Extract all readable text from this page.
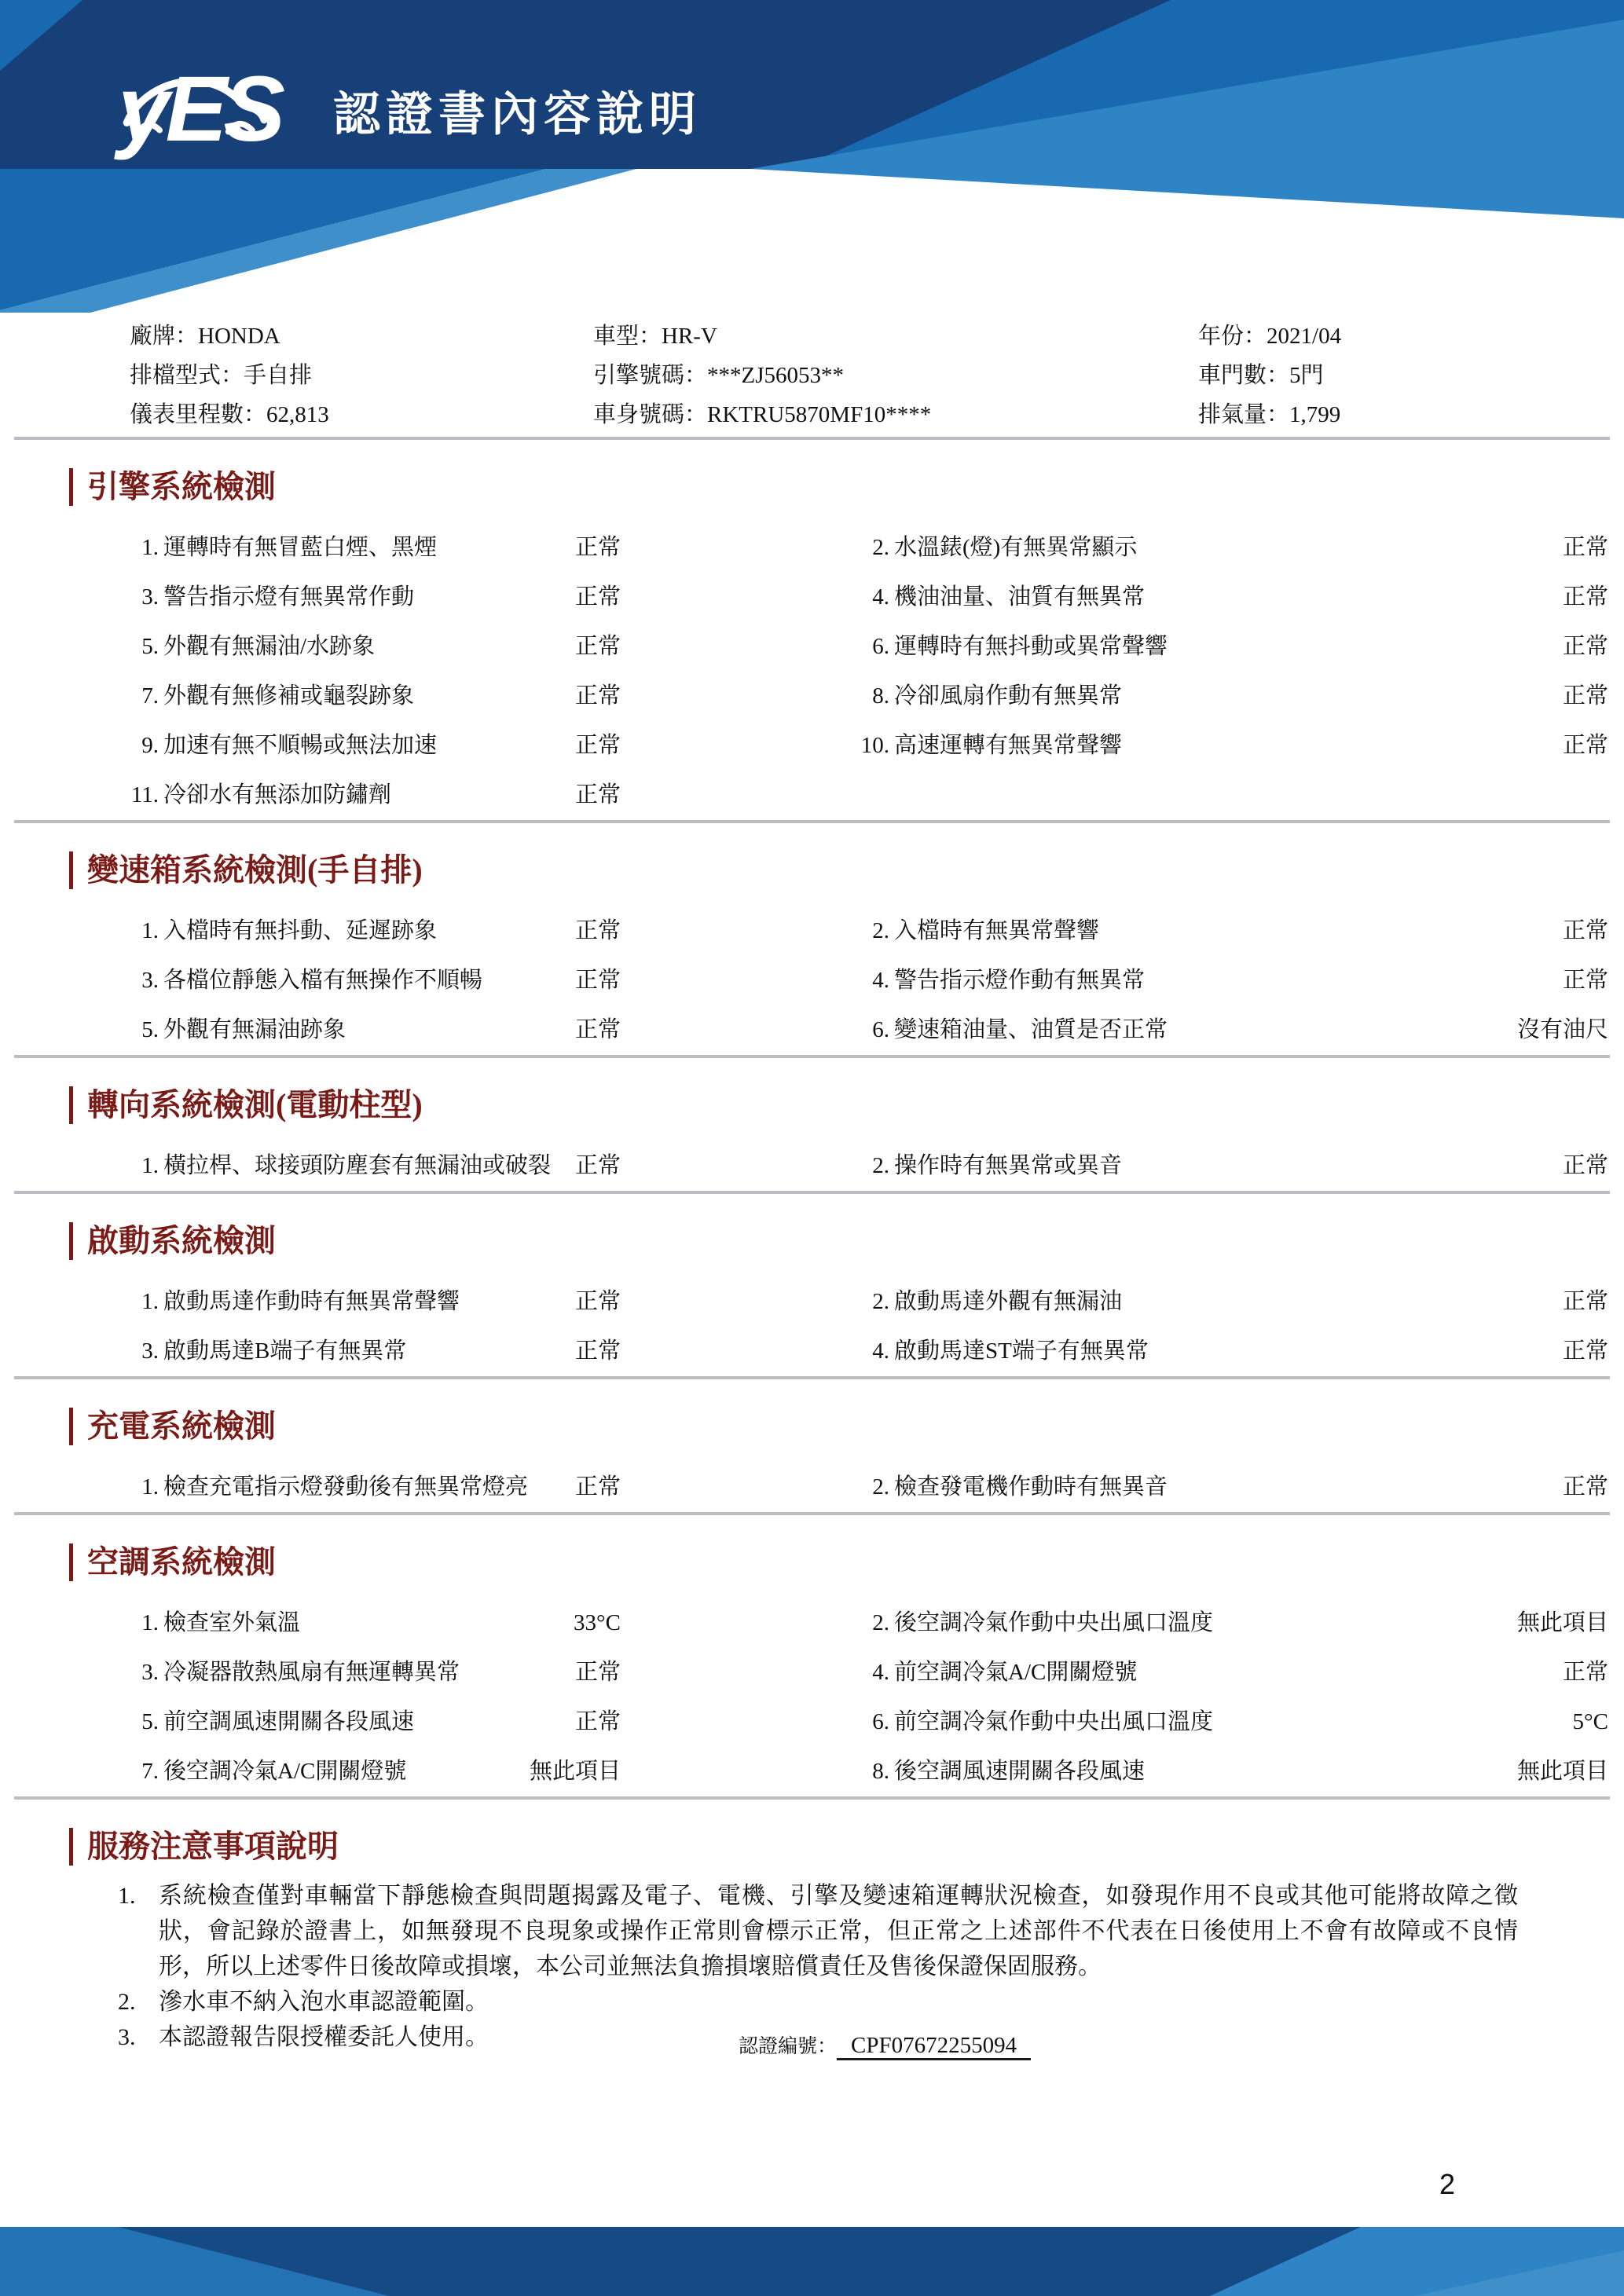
yES 認證書內容說明
廠牌：HONDA	車型：HR-V	年份：2021/04
排檔型式：手自排	引擎號碼：***ZJ56053**	車門數：5門
儀表里程數：62,813	車身號碼：RKTRU5870MF10****	排氣量：1,799
引擎系統檢測
1. 運轉時有無冒藍白煙、黑煙	正常	2. 水溫錶(燈)有無異常顯示	正常
3. 警告指示燈有無異常作動	正常	4. 機油油量、油質有無異常	正常
5. 外觀有無漏油/水跡象	正常	6. 運轉時有無抖動或異常聲響	正常
7. 外觀有無修補或龜裂跡象	正常	8. 冷卻風扇作動有無異常	正常
9. 加速有無不順暢或無法加速	正常	10. 高速運轉有無異常聲響	正常
11. 冷卻水有無添加防鏽劑	正常
變速箱系統檢測(手自排)
1. 入檔時有無抖動、延遲跡象	正常	2. 入檔時有無異常聲響	正常
3. 各檔位靜態入檔有無操作不順暢	正常	4. 警告指示燈作動有無異常	正常
5. 外觀有無漏油跡象	正常	6. 變速箱油量、油質是否正常	沒有油尺
轉向系統檢測(電動柱型)
1. 橫拉桿、球接頭防塵套有無漏油或破裂 正常	2. 操作時有無異常或異音	正常
啟動系統檢測
1. 啟動馬達作動時有無異常聲響	正常	2. 啟動馬達外觀有無漏油	正常
3. 啟動馬達B端子有無異常	正常	4. 啟動馬達ST端子有無異常	正常
充電系統檢測
1. 檢查充電指示燈發動後有無異常燈亮 正常	2. 檢查發電機作動時有無異音	正常
空調系統檢測
1. 檢查室外氣溫	33°C	2. 後空調冷氣作動中央出風口溫度	無此項目
3. 冷凝器散熱風扇有無運轉異常	正常	4. 前空調冷氣A/C開關燈號	正常
5. 前空調風速開關各段風速	正常	6. 前空調冷氣作動中央出風口溫度	5°C
7. 後空調冷氣A/C開關燈號	無此項目	8. 後空調風速開關各段風速	無此項目
服務注意事項說明
1. 系統檢查僅對車輛當下靜態檢查與問題揭露及電子、電機、引擎及變速箱運轉狀況檢查，如發現作用不良或其他可能將故障之徵狀，會記錄於證書上，如無發現不良現象或操作正常則會標示正常，但正常之上述部件不代表在日後使用上不會有故障或不良情形，所以上述零件日後故障或損壞，本公司並無法負擔損壞賠償責任及售後保證保固服務。
2. 滲水車不納入泡水車認證範圍。
3. 本認證報告限授權委託人使用。	認證編號： CPF07672255094
2
